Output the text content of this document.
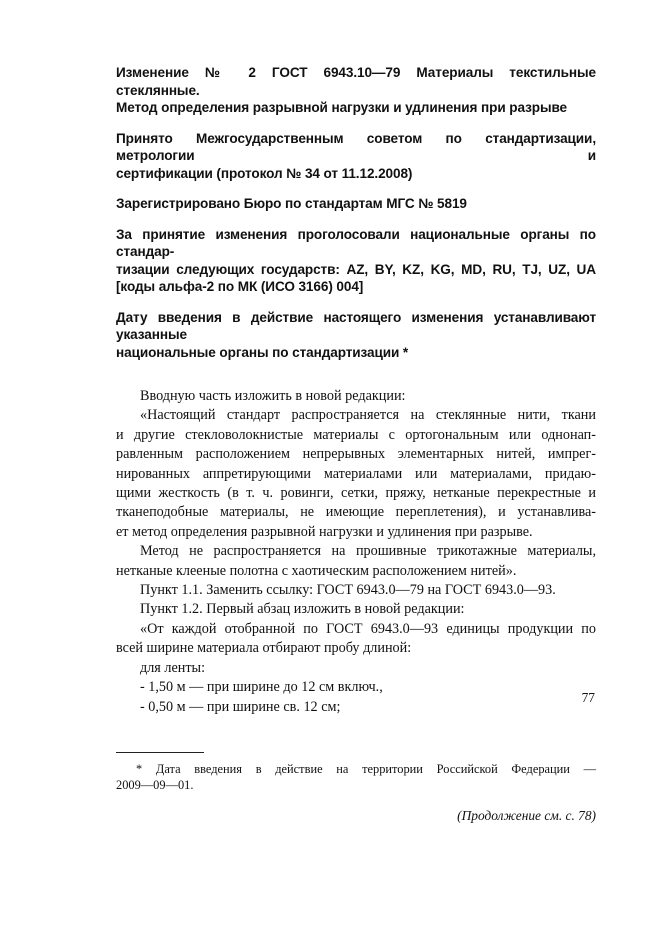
Изменение № 2 ГОСТ 6943.10—79 Материалы текстильные стеклянные.
Метод определения разрывной нагрузки и удлинения при разрыве
Принято Межгосударственным советом по стандартизации, метрологии и
сертификации (протокол № 34 от 11.12.2008)
Зарегистрировано Бюро по стандартам МГС № 5819
За принятие изменения проголосовали национальные органы по стандар-
тизации следующих государств: AZ, BY, KZ, KG, MD, RU, TJ, UZ, UA
[коды альфа-2 по МК (ИСО 3166) 004]
Дату введения в действие настоящего изменения устанавливают указанные
национальные органы по стандартизации *
Вводную часть изложить в новой редакции:
«Настоящий стандарт распространяется на стеклянные нити, ткани
и другие стекловолокнистые материалы с ортогональным или однонап-
равленным расположением непрерывных элементарных нитей, импрег-
нированных аппретирующими материалами или материалами, придаю-
щими жесткость (в т. ч. ровинги, сетки, пряжу, нетканые перекрестные и
тканеподобные материалы, не имеющие переплетения), и устанавлива-
ет метод определения разрывной нагрузки и удлинения при разрыве.
Метод не распространяется на прошивные трикотажные материалы,
нетканые клееные полотна с хаотическим расположением нитей».
Пункт 1.1. Заменить ссылку: ГОСТ 6943.0—79 на ГОСТ 6943.0—93.
Пункт 1.2. Первый абзац изложить в новой редакции:
«От каждой отобранной по ГОСТ 6943.0—93 единицы продукции по
всей ширине материала отбирают пробу длиной:
для ленты:
- 1,50 м — при ширине до 12 см включ.,
- 0,50 м — при ширине св. 12 см;
* Дата введения в действие на территории Российской Федерации —
2009—09—01.
(Продолжение см. с. 78)
77
